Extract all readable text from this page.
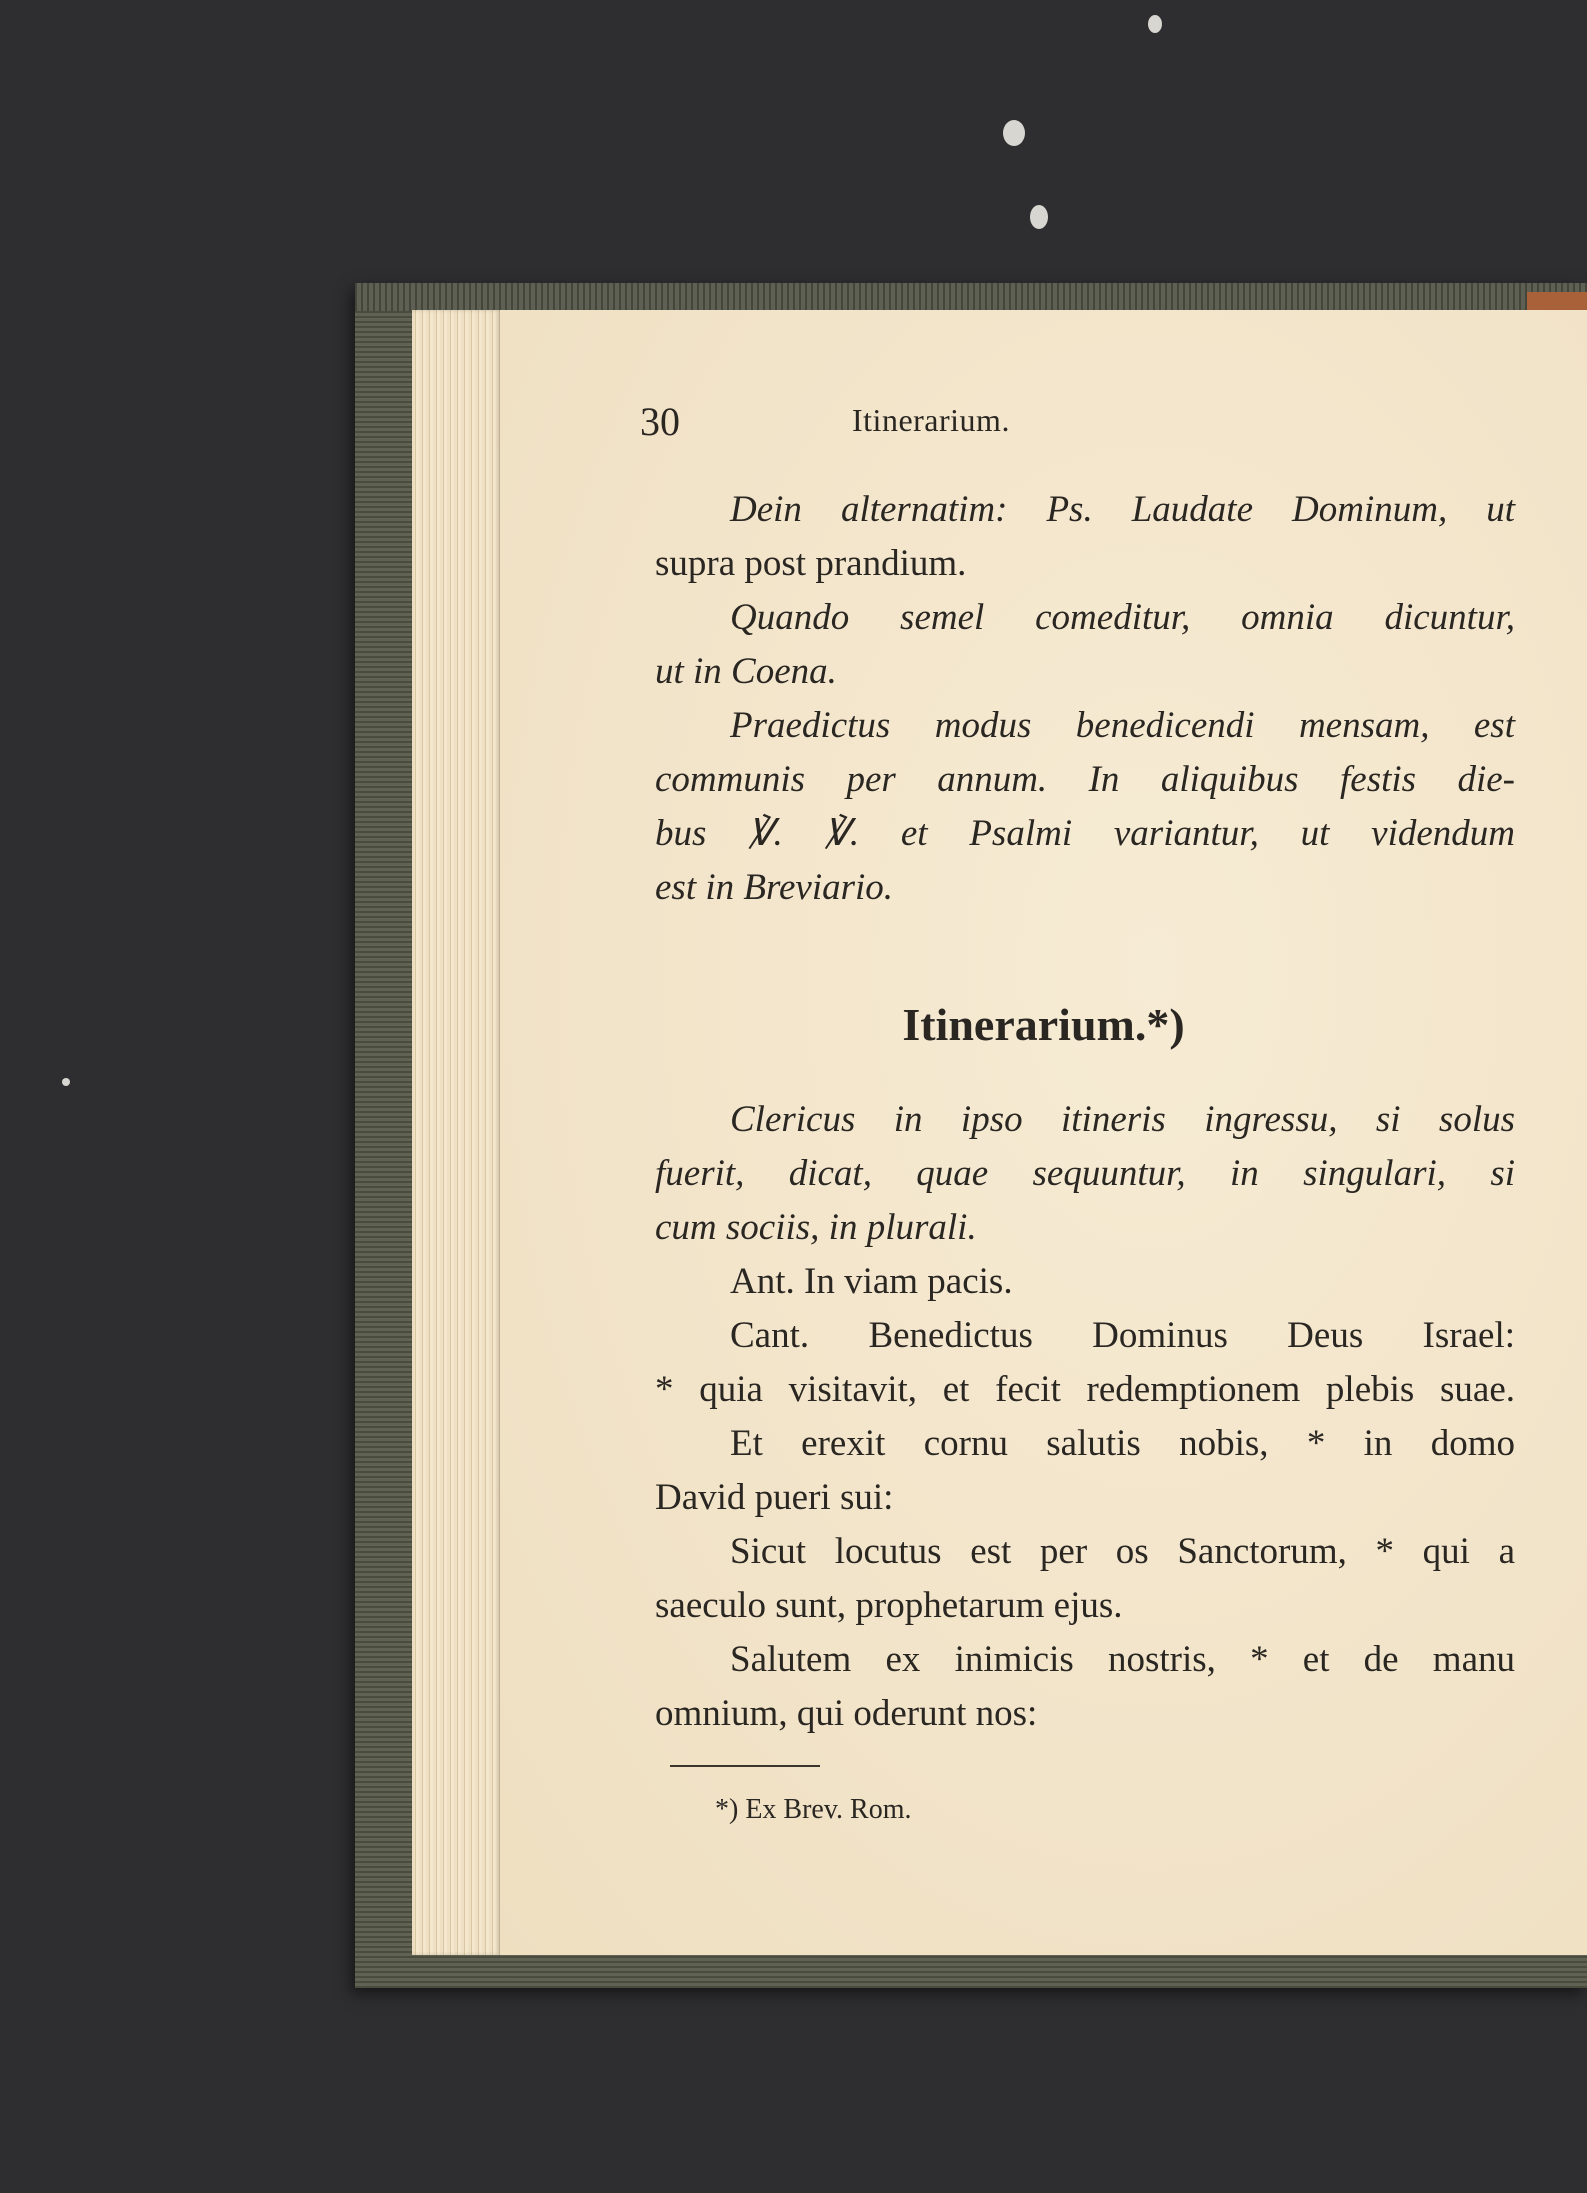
30	Itinerarium.
Dein alternatim: Ps. Laudate Dominum, ut
supra post prandium.
Quando semel comeditur, omnia dicuntur,
ut in Coena.
Praedictus modus benedicendi mensam, est
communis per annum. In aliquibus festis die-
bus ℣. ℣. et Psalmi variantur, ut videndum
est in Breviario.
Itinerarium.*)
Clericus in ipso itineris ingressu, si solus
fuerit, dicat, quae sequuntur, in singulari, si
cum sociis, in plurali.
Ant. In viam pacis.
Cant. Benedictus Dominus Deus Israel:
* quia visitavit, et fecit redemptionem plebis suae.
Et erexit cornu salutis nobis, * in domo
David pueri sui:
Sicut locutus est per os Sanctorum, * qui a
saeculo sunt, prophetarum ejus.
Salutem ex inimicis nostris, * et de manu
omnium, qui oderunt nos:
*) Ex Brev. Rom.
